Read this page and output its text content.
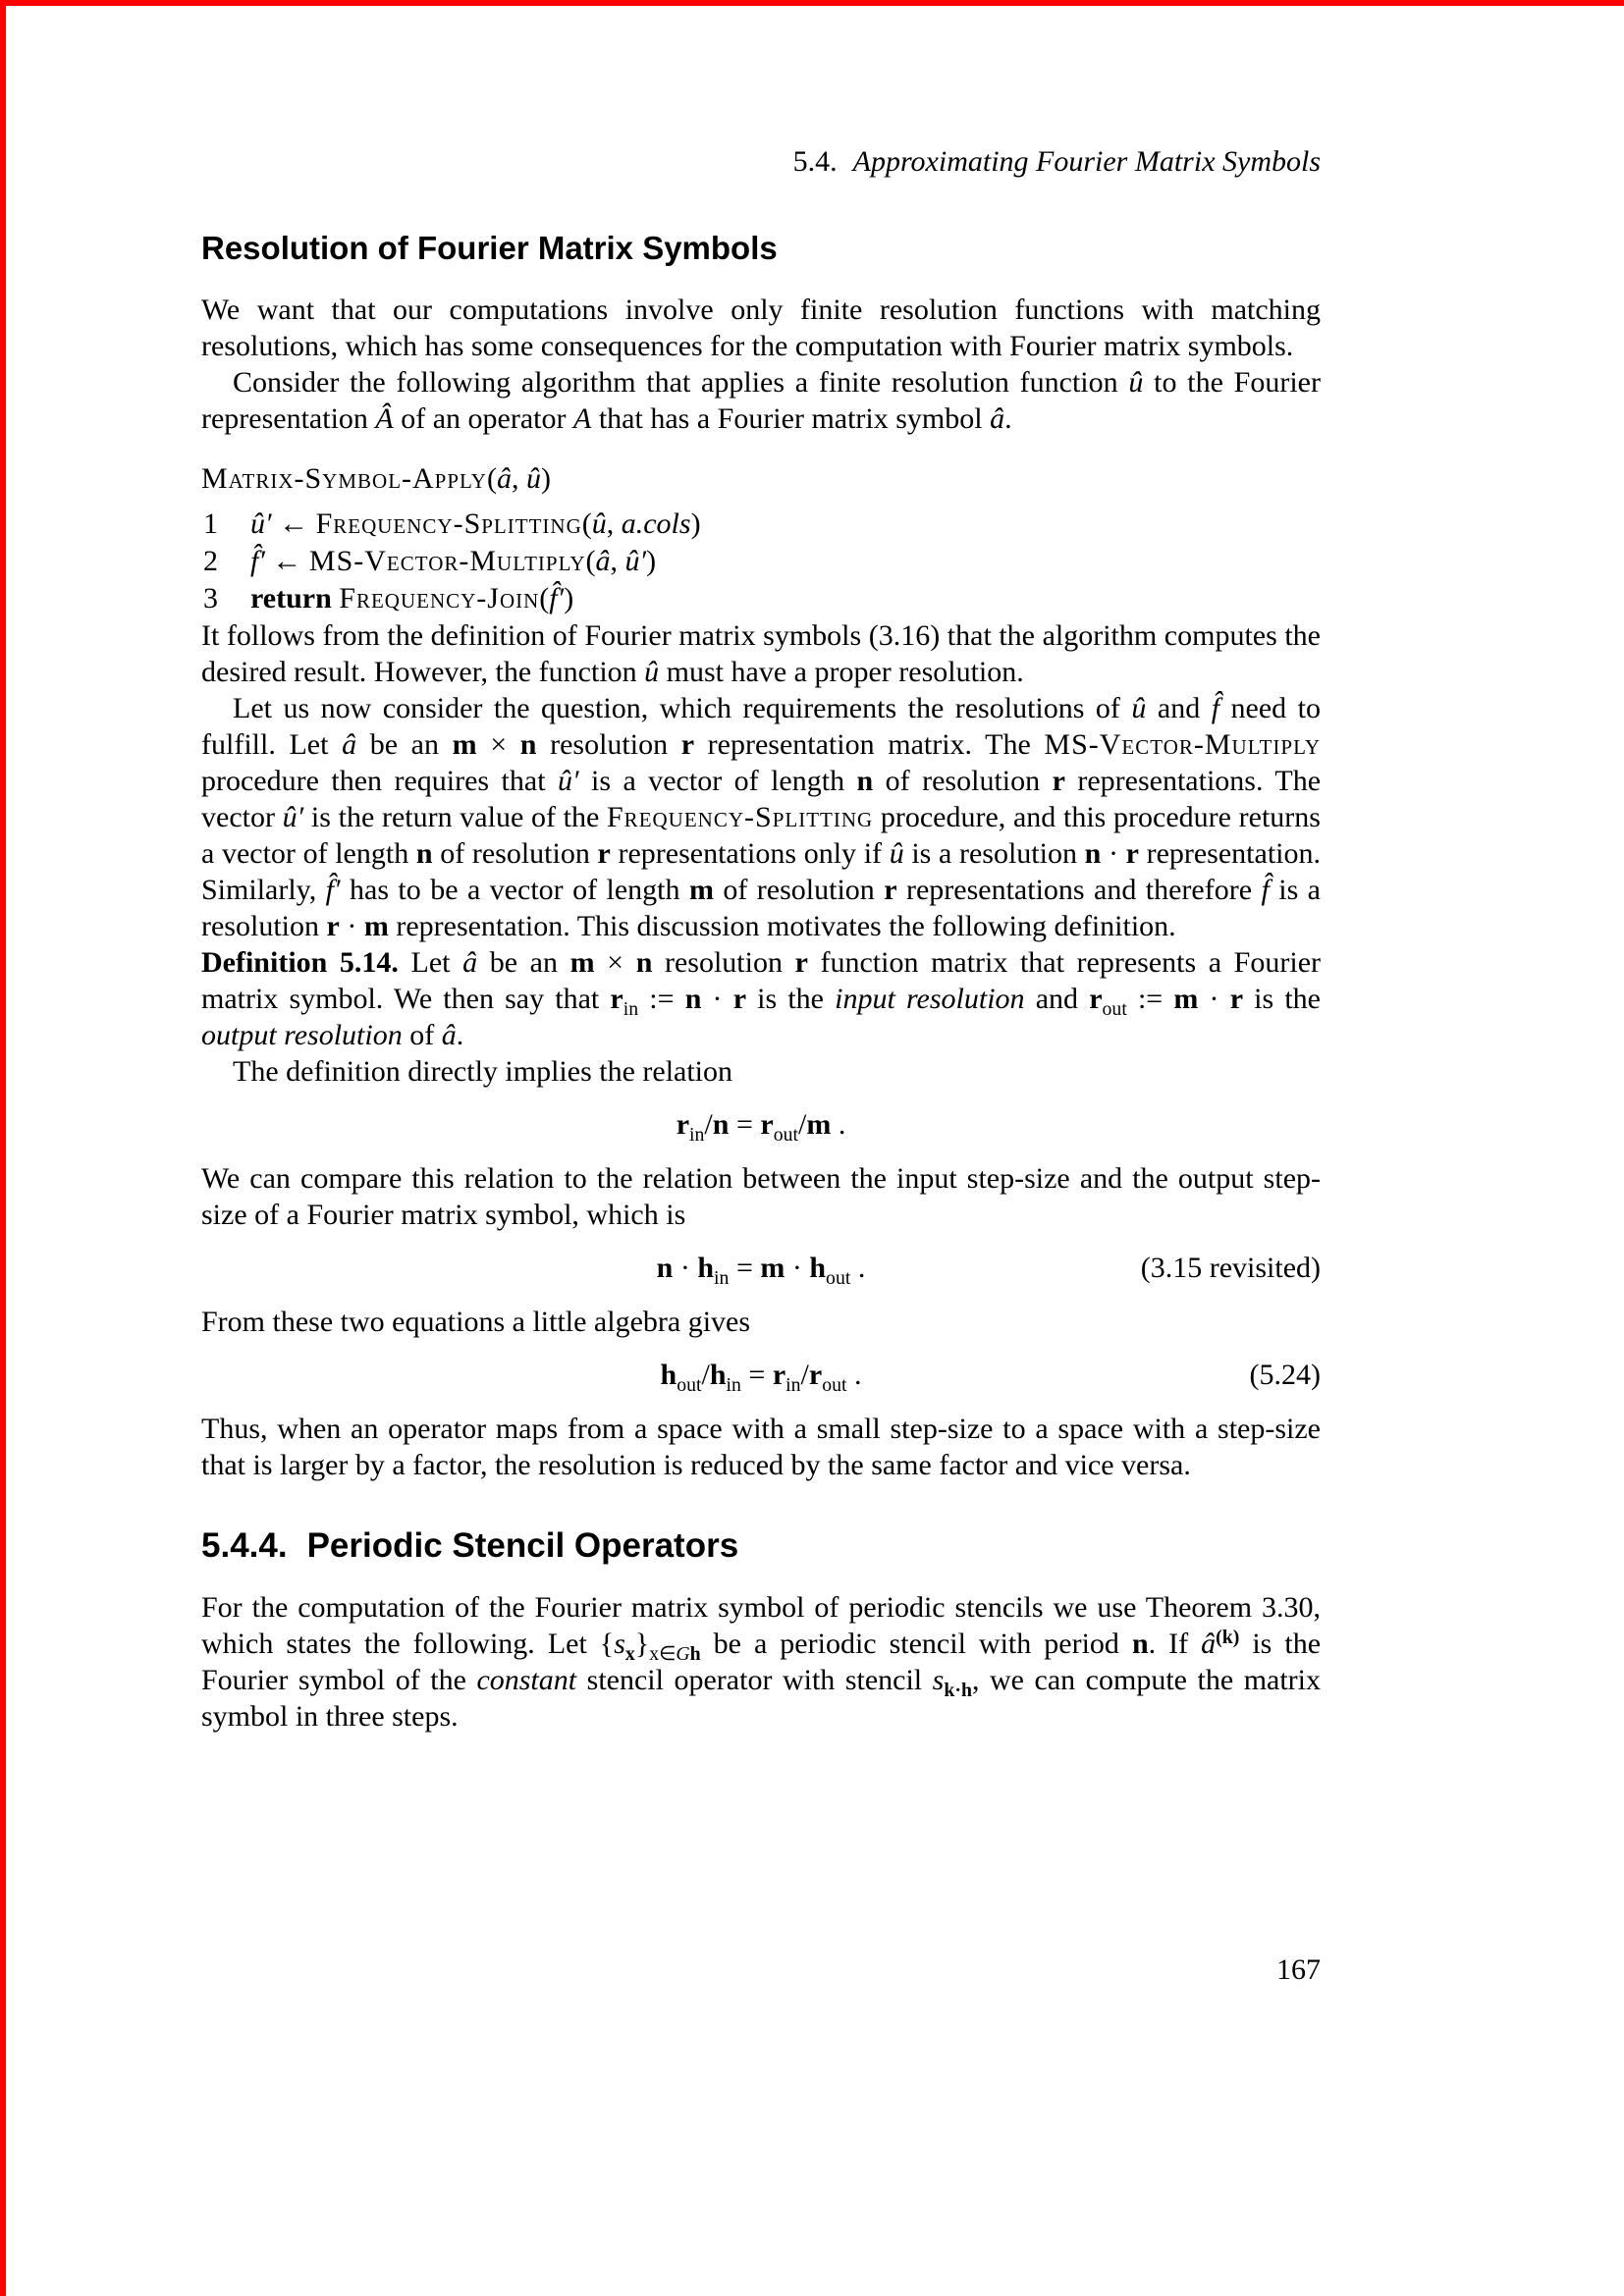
5.4. Approximating Fourier Matrix Symbols
Resolution of Fourier Matrix Symbols

We want that our computations involve only finite resolution functions with matching resolutions, which has some consequences for the computation with Fourier matrix symbols.

Consider the following algorithm that applies a finite resolution function û to the Fourier representation Â of an operator A that has a Fourier matrix symbol â.

Matrix-Symbol-Apply(â, û)
1 û′ ← Frequency-Splitting(û, a.cols)
2 f̂′ ← MS-Vector-Multiply(â, û′)
3 return Frequency-Join(f̂′)

It follows from the definition of Fourier matrix symbols (3.16) that the algorithm computes the desired result. However, the function û must have a proper resolution.

Let us now consider the question, which requirements the resolutions of û and f̂ need to fulfill. Let â be an m × n resolution r representation matrix. The MS-Vector-Multiply procedure then requires that û′ is a vector of length n of resolution r representations. The vector û′ is the return value of the Frequency-Splitting procedure, and this procedure returns a vector of length n of resolution r representations only if û is a resolution n · r representation. Similarly, f̂′ has to be a vector of length m of resolution r representations and therefore f̂ is a resolution r · m representation. This discussion motivates the following definition.

Definition 5.14. Let â be an m × n resolution r function matrix that represents a Fourier matrix symbol. We then say that $r_{in}$ := n · r is the input resolution and $r_{out}$ := m · r is the output resolution of â.

The definition directly implies the relation

$r_{in}/n = r_{out}/m$ .

We can compare this relation to the relation between the input step-size and the output step-size of a Fourier matrix symbol, which is

$n \cdot h_{in} = m \cdot h_{out}$ .	(3.15 revisited)

From these two equations a little algebra gives

$h_{out}/h_{in} = r_{in}/r_{out}$ .	(5.24)

Thus, when an operator maps from a space with a small step-size to a space with a step-size that is larger by a factor, the resolution is reduced by the same factor and vice versa.

5.4.4. Periodic Stencil Operators

For the computation of the Fourier matrix symbol of periodic stencils we use Theorem 3.30, which states the following. Let $\{s_x\}_{x\in Gh}$ be a periodic stencil with period n. If $â^{(k)}$ is the Fourier symbol of the constant stencil operator with stencil $s_{k\cdot h}$, we can compute the matrix symbol in three steps.

167
